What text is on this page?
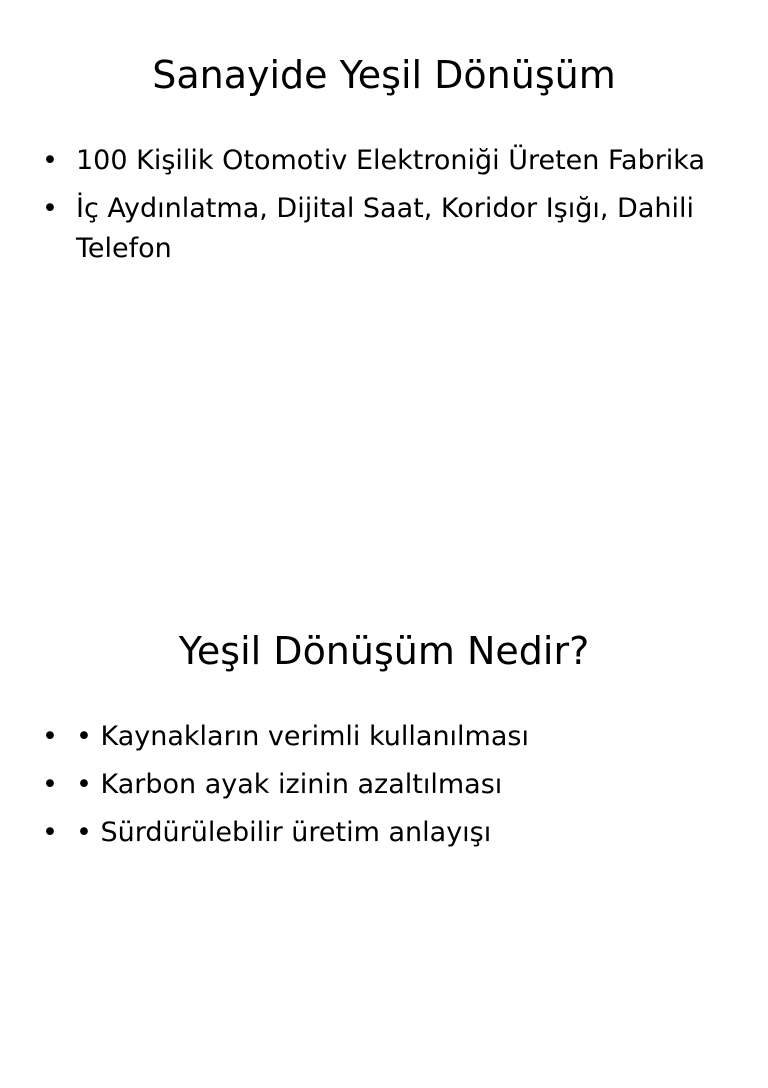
Sanayide Yeşil Dönüşüm
• 100 Kişilik Otomotiv Elektroniği Üreten Fabrika
• İç Aydınlatma, Dijital Saat, Koridor Işığı, Dahili Telefon
Yeşil Dönüşüm Nedir?
• • Kaynakların verimli kullanılması
• • Karbon ayak izinin azaltılması
• • Sürdürülebilir üretim anlayışı
